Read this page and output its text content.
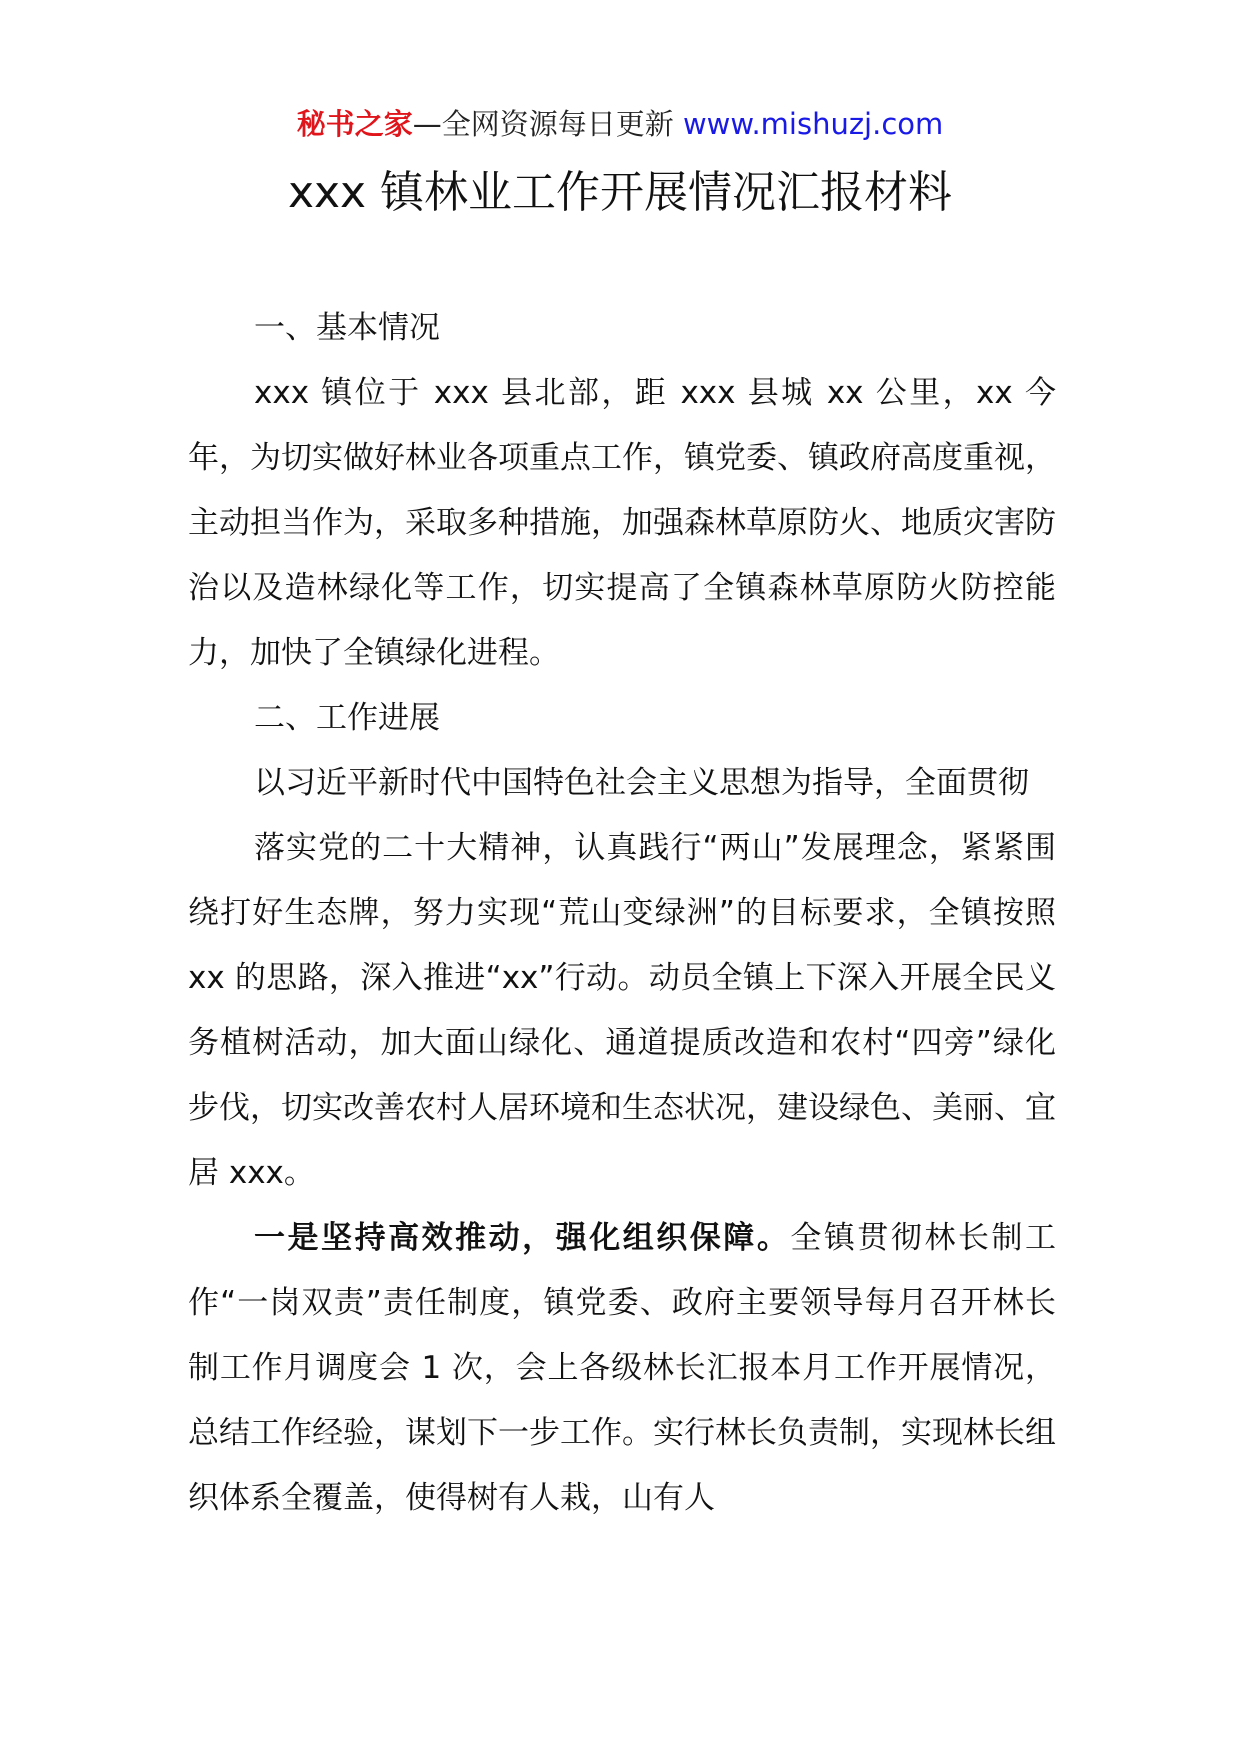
秘书之家—全网资源每日更新 www.mishuzj.com
xxx 镇林业工作开展情况汇报材料

一、基本情况

xxx 镇位于 xxx 县北部，距 xxx 县城 xx 公里，xx 今年，为切实做好林业各项重点工作，镇党委、镇政府高度重视，主动担当作为，采取多种措施，加强森林草原防火、地质灾害防治以及造林绿化等工作，切实提高了全镇森林草原防火防控能力，加快了全镇绿化进程。

二、工作进展

以习近平新时代中国特色社会主义思想为指导，全面贯彻

落实党的二十大精神，认真践行“两山”发展理念，紧紧围绕打好生态牌，努力实现“荒山变绿洲”的目标要求，全镇按照 xx 的思路，深入推进“xx”行动。动员全镇上下深入开展全民义务植树活动，加大面山绿化、通道提质改造和农村“四旁”绿化步伐，切实改善农村人居环境和生态状况，建设绿色、美丽、宜居 xxx。

一是坚持高效推动，强化组织保障。全镇贯彻林长制工作“一岗双责”责任制度，镇党委、政府主要领导每月召开林长制工作月调度会 1 次，会上各级林长汇报本月工作开展情况，总结工作经验，谋划下一步工作。实行林长负责制，实现林长组织体系全覆盖，使得树有人栽，山有人
